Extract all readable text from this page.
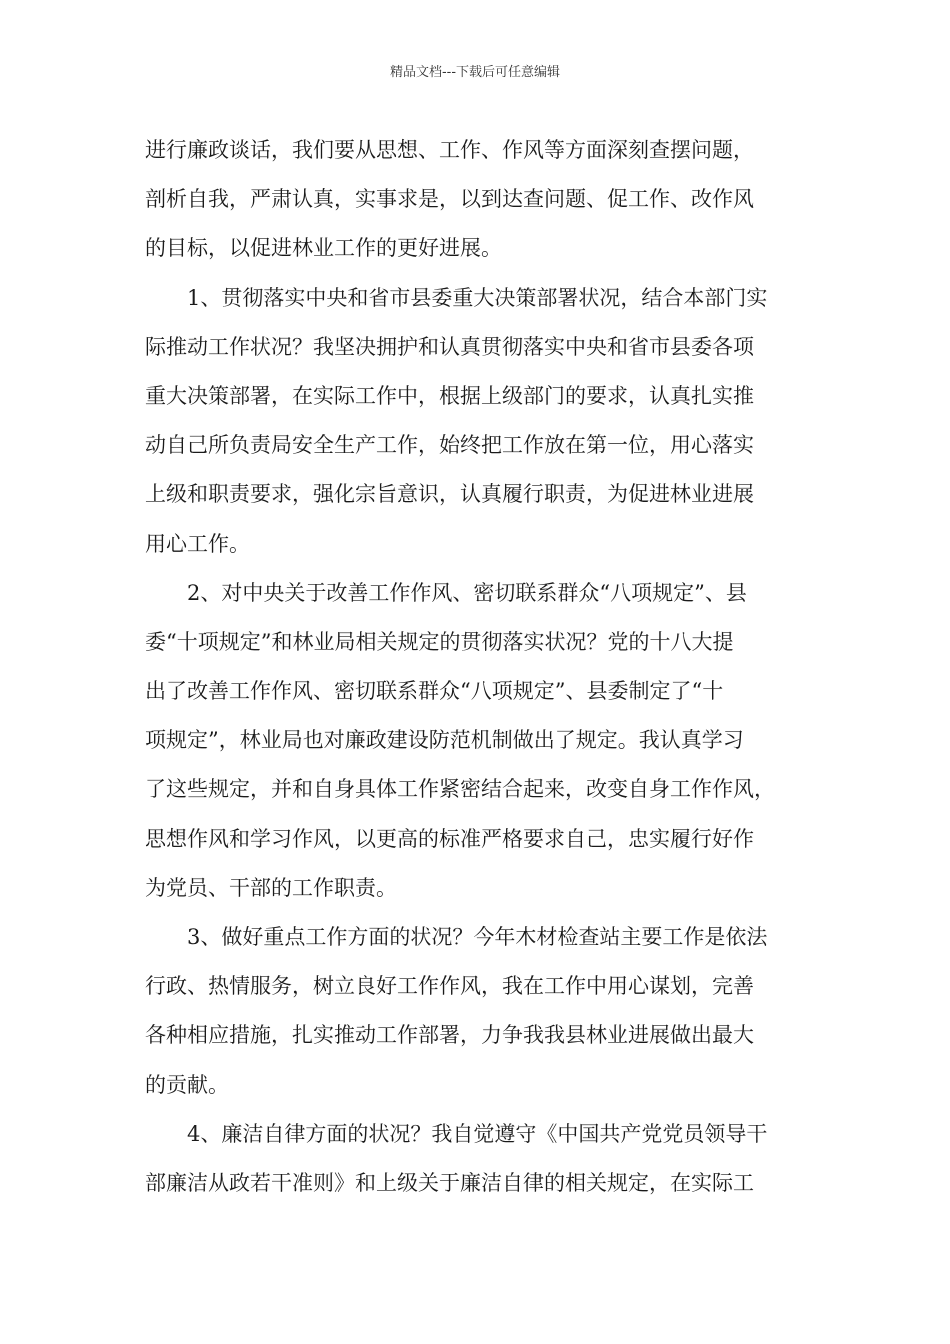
精品文档---下载后可任意编辑
进行廉政谈话，我们要从思想、工作、作风等方面深刻查摆问题，
剖析自我，严肃认真，实事求是，以到达查问题、促工作、改作风
的目标，以促进林业工作的更好进展。
1、贯彻落实中央和省市县委重大决策部署状况，结合本部门实
际推动工作状况？我坚决拥护和认真贯彻落实中央和省市县委各项
重大决策部署，在实际工作中，根据上级部门的要求，认真扎实推
动自己所负责局安全生产工作，始终把工作放在第一位，用心落实
上级和职责要求，强化宗旨意识，认真履行职责，为促进林业进展
用心工作。
2、对中央关于改善工作作风、密切联系群众“八项规定”、县
委“十项规定”和林业局相关规定的贯彻落实状况？党的十八大提
出了改善工作作风、密切联系群众“八项规定”、县委制定了“十
项规定”，林业局也对廉政建设防范机制做出了规定。我认真学习
了这些规定，并和自身具体工作紧密结合起来，改变自身工作作风，
思想作风和学习作风，以更高的标准严格要求自己，忠实履行好作
为党员、干部的工作职责。
3、做好重点工作方面的状况？今年木材检查站主要工作是依法
行政、热情服务，树立良好工作作风，我在工作中用心谋划，完善
各种相应措施，扎实推动工作部署，力争我我县林业进展做出最大
的贡献。
4、廉洁自律方面的状况？我自觉遵守《中国共产党党员领导干
部廉洁从政若干准则》和上级关于廉洁自律的相关规定，在实际工
